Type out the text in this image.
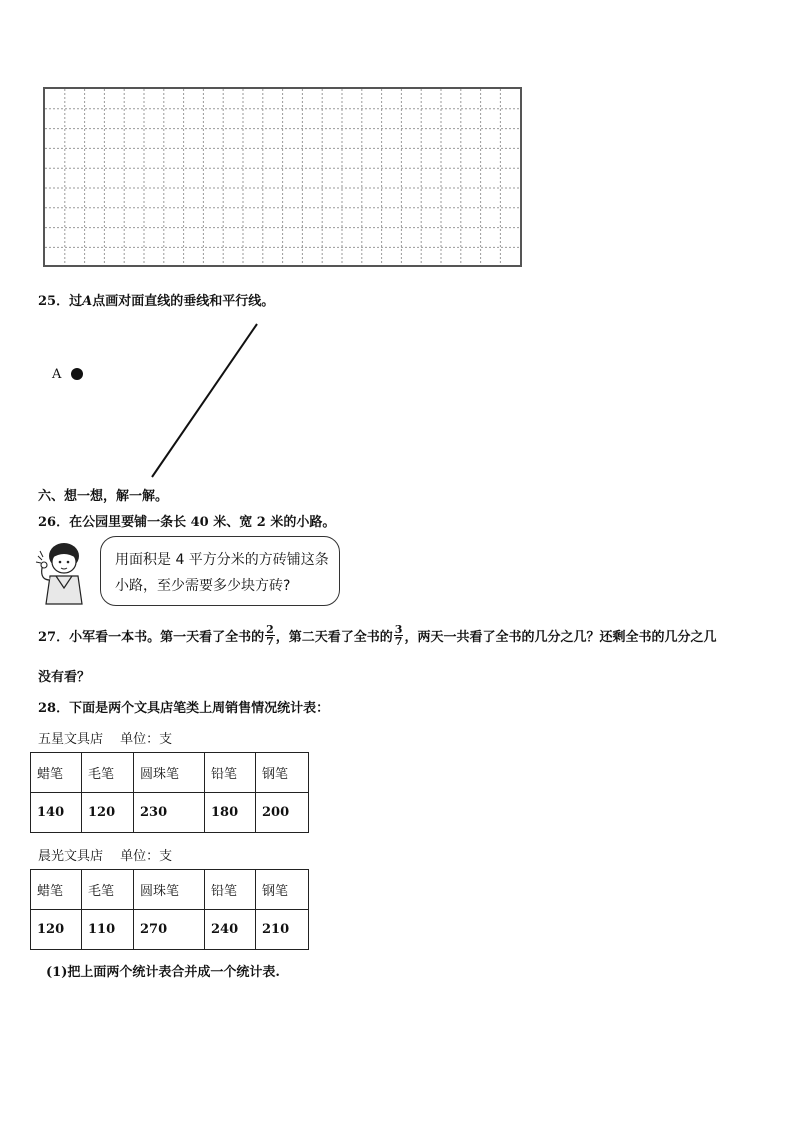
25．过A点画对面直线的垂线和平行线。
A
六、想一想，解一解。
26．在公园里要铺一条长 40 米、宽 2 米的小路。
用面积是 4 平方分米的方砖铺这条小路，至少需要多少块方砖?
27．小军看一本书。第一天看了全书的 $\frac{2}{7}$ ，第二天看了全书的 $\frac{3}{7}$ ，两天一共看了全书的几分之几？还剩全书的几分之几
没有看？
28．下面是两个文具店笔类上周销售情况统计表：
五星文具店　 单位：支
蜡笔	毛笔	圆珠笔	铅笔	钢笔
140	120	230	180	200
晨光文具店　 单位：支
蜡笔	毛笔	圆珠笔	铅笔	钢笔
120	110	270	240	210
(1)把上面两个统计表合并成一个统计表.
